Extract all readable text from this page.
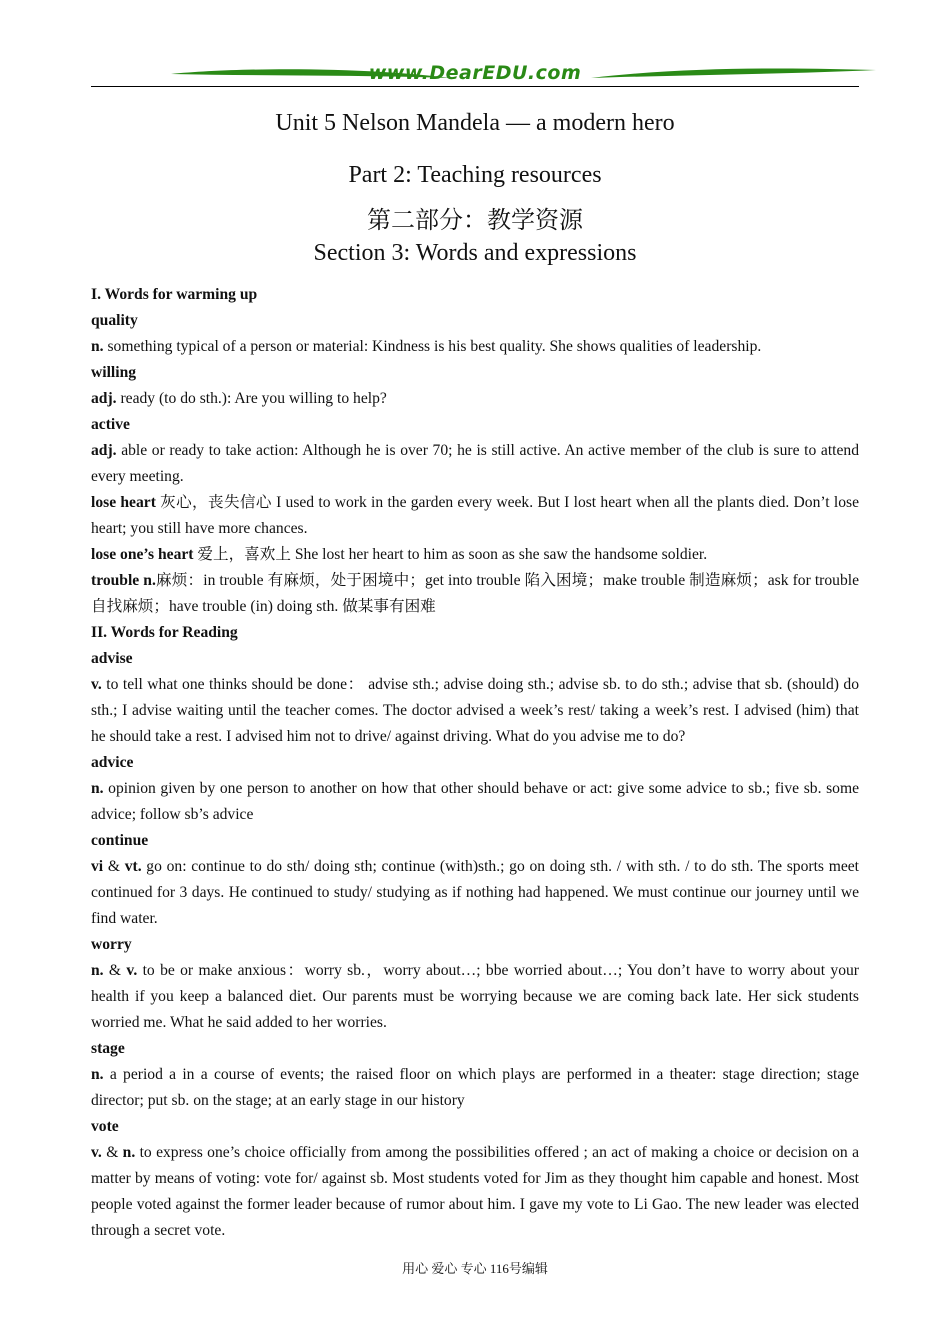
www.DearEDU.com
Unit 5 Nelson Mandela — a modern hero
Part 2: Teaching resources
第二部分：教学资源
Section 3: Words and expressions

I. Words for warming up

quality

n. something typical of a person or material: Kindness is his best quality. She shows qualities of leadership.

willing

adj. ready (to do sth.): Are you willing to help?

active

adj. able or ready to take action: Although he is over 70; he is still active. An active member of the club is sure to attend every meeting.

lose heart 灰心，丧失信心 I used to work in the garden every week. But I lost heart when all the plants died. Don’t lose heart; you still have more chances.

lose one’s heart 爱上，喜欢上 She lost her heart to him as soon as she saw the handsome soldier.

trouble n.麻烦：in trouble 有麻烦，处于困境中；get into trouble 陷入困境；make trouble 制造麻烦；ask for trouble 自找麻烦；have trouble (in) doing sth. 做某事有困难

II. Words for Reading

advise

v. to tell what one thinks should be done： advise sth.; advise doing sth.; advise sb. to do sth.; advise that sb. (should) do sth.; I advise waiting until the teacher comes. The doctor advised a week’s rest/ taking a week’s rest. I advised (him) that he should take a rest. I advised him not to drive/ against driving. What do you advise me to do?

advice

n. opinion given by one person to another on how that other should behave or act: give some advice to sb.; five sb. some advice; follow sb’s advice

continue

vi & vt. go on: continue to do sth/ doing sth; continue (with)sth.; go on doing sth. / with sth. / to do sth. The sports meet continued for 3 days. He continued to study/ studying as if nothing had happened. We must continue our journey until we find water.

worry

n. & v. to be or make anxious：worry sb.，worry about…; bbe worried about…; You don’t have to worry about your health if you keep a balanced diet. Our parents must be worrying because we are coming back late. Her sick students worried me. What he said added to her worries.

stage

n. a period a in a course of events; the raised floor on which plays are performed in a theater: stage direction; stage director; put sb. on the stage; at an early stage in our history

vote

v. & n. to express one’s choice officially from among the possibilities offered ; an act of making a choice or decision on a matter by means of voting: vote for/ against sb. Most students voted for Jim as they thought him capable and honest. Most people voted against the former leader because of rumor about him. I gave my vote to Li Gao. The new leader was elected through a secret vote.

用心 爱心 专心 116号编辑
